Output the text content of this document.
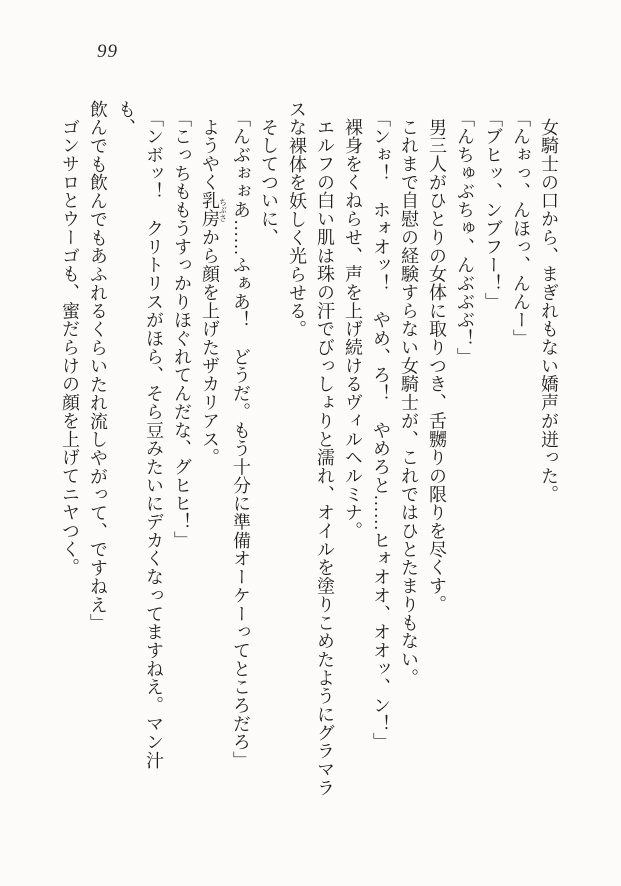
99
女騎士の口から、まぎれもない嬌声が迸った。
「んぉっ、んほっ、んんー」
「ブヒッ、ンブフー！」
「んちゅぶちゅ、んぶぶぶ！」
男三人がひとりの女体に取りつき、舌嬲りの限りを尽くす。
これまで自慰の経験すらない女騎士が、これではひとたまりもない。
「ンぉ！　ホォオッ！　やめ、ろ！　やめろと……ヒォオオ、オオッ、ン！」
裸身をくねらせ、声を上げ続けるヴィルヘルミナ。
エルフの白い肌は珠の汗でびっしょりと濡れ、オイルを塗りこめたようにグラマラ
スな裸体を妖しく光らせる。
そしてついに、
「んぶぉぉあ……ふぁあ！　どうだ。もう十分に準備オーケーってところだろ」
ようやく乳房ちぶさから顔を上げたザカリアス。
「こっちももうすっかりほぐれてんだな、グヒヒ！」
「ンボッ！　クリトリスがほら、そら豆みたいにデカくなってますねえ。マン汁も、
飲んでも飲んでもあふれるくらいたれ流しやがって、ですねえ」
ゴンサロとウーゴも、蜜だらけの顔を上げてニヤつく。
